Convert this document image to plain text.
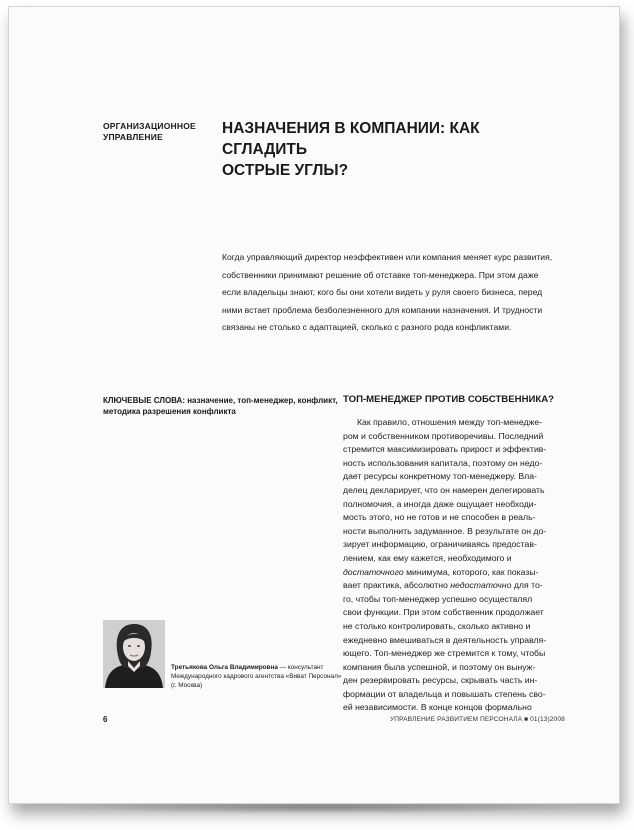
ОРГАНИЗАЦИОННОЕ
УПРАВЛЕНИЕ	НАЗНАЧЕНИЯ В КОМПАНИИ: КАК СГЛАДИТЬ
ОСТРЫЕ УГЛЫ?
Когда управляющий директор неэффективен или компания меняет курс развития,
собственники принимают решение об отставке топ-менеджера. При этом даже
если владельцы знают, кого бы они хотели видеть у руля своего бизнеса, перед
ними встает проблема безболезненного для компании назначения. И трудности
связаны не столько с адаптацией, сколько с разного рода конфликтами.
КЛЮЧЕВЫЕ СЛОВА: назначение, топ-менеджер, конфликт,
методика разрешения конфликта
ТОП-МЕНЕДЖЕР ПРОТИВ СОБСТВЕННИКА?
Как правило, отношения между топ-менедже-
ром и собственником противоречивы. Последний
стремится максимизировать прирост и эффектив-
ность использования капитала, поэтому он недо-
дает ресурсы конкретному топ-менеджеру. Вла-
делец декларирует, что он намерен делегировать
полномочия, а иногда даже ощущает необходи-
мость этого, но не готов и не способен в реаль-
ности выполнить задуманное. В результате он до-
зирует информацию, ограничиваясь предостав-
лением, как ему кажется, необходимого и
достаточного минимума, которого, как показы-
вает практика, абсолютно недостаточно для то-
го, чтобы топ-менеджер успешно осуществлял
свои функции. При этом собственник продолжает
не столько контролировать, сколько активно и
ежедневно вмешиваться в деятельность управля-
ющего. Топ-менеджер же стремится к тому, чтобы
компания была успешной, и поэтому он вынуж-
ден резервировать ресурсы, скрывать часть ин-
формации от владельца и повышать степень сво-
ей независимости. В конце концов формально
Третьякова Ольга Владимировна — консультант
Международного кадрового агентства «Виват Персонал»
(г. Москва)
6	УПРАВЛЕНИЕ РАЗВИТИЕМ ПЕРСОНАЛА ■ 01(13)2008
